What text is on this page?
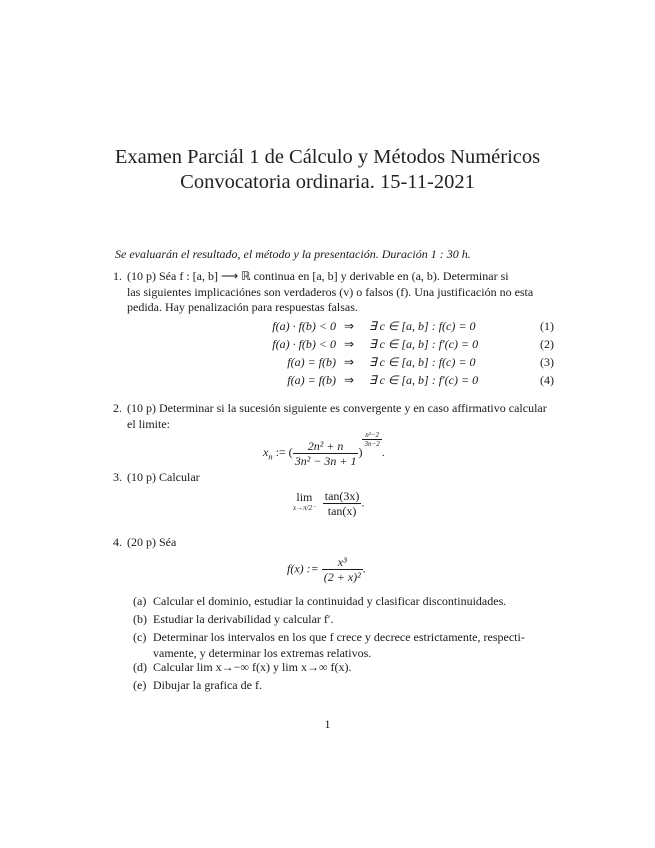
Examen Parciál 1 de Cálculo y Métodos Numéricos
Convocatoria ordinaria. 15-11-2021
Se evaluarán el resultado, el método y la presentación. Duración 1 : 30 h.
1. (10 p) Séa f : [a, b] ⟶ ℝ continua en [a, b] y derivable en (a, b). Determinar si
las siguientes implicaciónes son verdaderos (v) o falsos (f). Una justificación no esta
pedida. Hay penalización para respuestas falsas.
f(a) · f(b) < 0 ⇒ ∃ c ∈ [a, b] : f(c) = 0	(1)
f(a) · f(b) < 0 ⇒ ∃ c ∈ [a, b] : f′(c) = 0	(2)
f(a) = f(b) ⇒ ∃ c ∈ [a, b] : f(c) = 0	(3)
f(a) = f(b) ⇒ ∃ c ∈ [a, b] : f′(c) = 0	(4)
2. (10 p) Determinar si la sucesión siguiente es convergente y en caso affirmativo calcular
el limite:
$x_n$ := ( $\frac{\text{2n² + n}}{\text{3n² − 3n + 1}}$ )
$\frac{\text{n²−2}}{3n-2}$
.
3. (10 p) Calcular
lim
x→π/2⁻
$\frac{\tan(3x)}{\tan(x)}$ .
4. (20 p) Séa
f(x) := $\frac{\text{x³}}{\text{(2 + x)²}}$ .
(a) Calcular el dominio, estudiar la continuidad y clasificar discontinuidades.
(b) Estudiar la derivabilidad y calcular f′.
(c) Determinar los intervalos en los que f crece y decrece estrictamente, respecti-
vamente, y determinar los extremas relativos.
(d) Calcular lim x→−∞ f(x) y lim x→∞ f(x).
(e) Dibujar la grafica de f.
1
